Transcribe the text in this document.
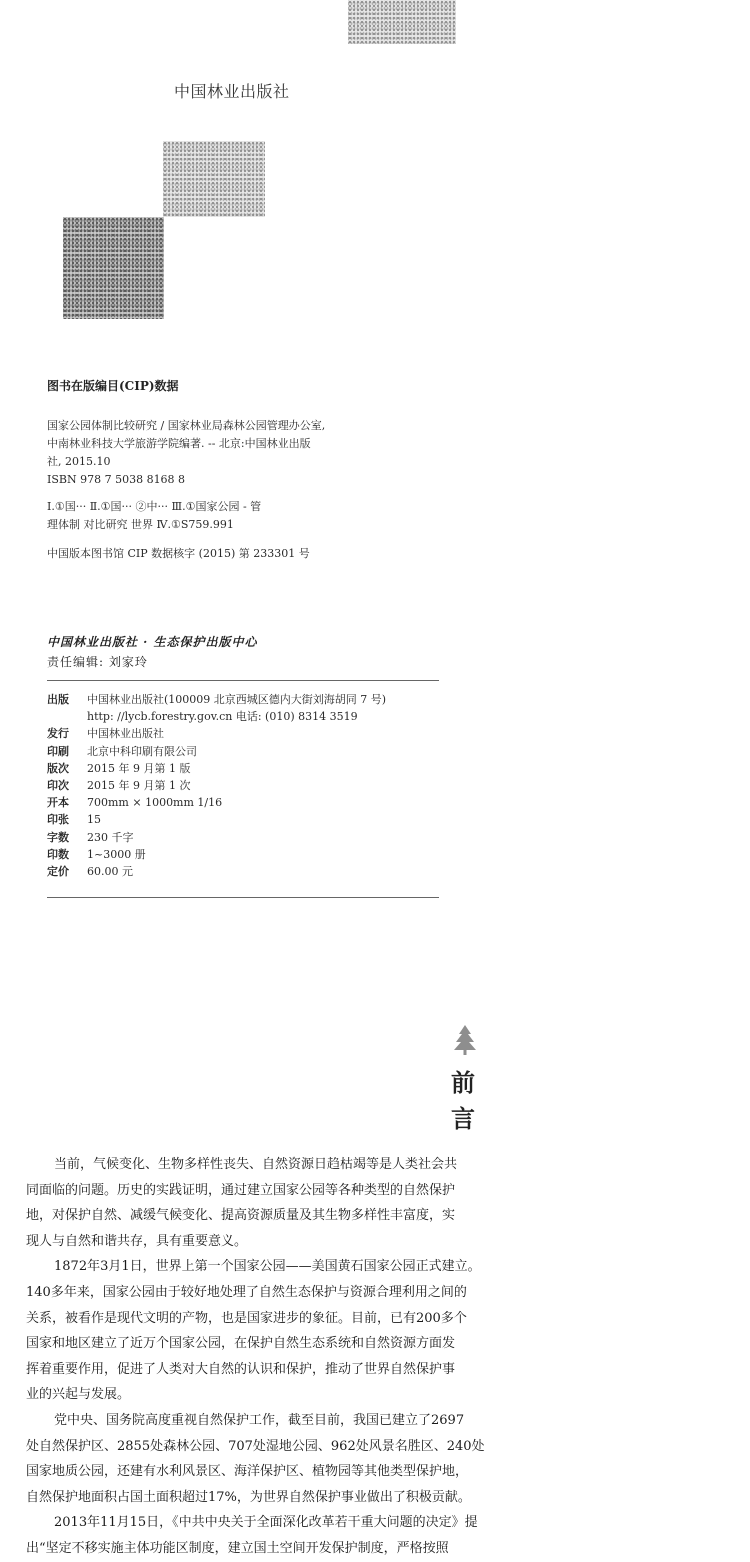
中国林业出版社
图书在版编目(CIP)数据
国家公园体制比较研究 / 国家林业局森林公园管理办公室,
中南林业科技大学旅游学院编著. -- 北京:中国林业出版
社, 2015.10
ISBN 978 7 5038 8168 8
Ⅰ.①国··· Ⅱ.①国··· ②中··· Ⅲ.①国家公园 - 管
理体制 对比研究 世界 Ⅳ.①S759.991
中国版本图书馆 CIP 数据核字 (2015) 第 233301 号
中国林业出版社 · 生态保护出版中心
责任编辑: 刘家玲
出版 中国林业出版社(100009 北京西城区德内大街刘海胡同 7 号)
http: //lycb.forestry.gov.cn 电话: (010) 8314 3519
发行 中国林业出版社
印刷 北京中科印刷有限公司
版次 2015 年 9 月第 1 版
印次 2015 年 9 月第 1 次
开本 700mm × 1000mm 1/16
印张 15
字数 230 千字
印数 1~3000 册
定价 60.00 元
前
言
当前，气候变化、生物多样性丧失、自然资源日趋枯竭等是人类社会共
同面临的问题。历史的实践证明，通过建立国家公园等各种类型的自然保护
地，对保护自然、减缓气候变化、提高资源质量及其生物多样性丰富度，实
现人与自然和谐共存，具有重要意义。
1872年3月1日，世界上第一个国家公园——美国黄石国家公园正式建立。
140多年来，国家公园由于较好地处理了自然生态保护与资源合理利用之间的
关系，被看作是现代文明的产物，也是国家进步的象征。目前，已有200多个
国家和地区建立了近万个国家公园，在保护自然生态系统和自然资源方面发
挥着重要作用，促进了人类对大自然的认识和保护，推动了世界自然保护事
业的兴起与发展。
党中央、国务院高度重视自然保护工作，截至目前，我国已建立了2697
处自然保护区、2855处森林公园、707处湿地公园、962处风景名胜区、240处
国家地质公园，还建有水利风景区、海洋保护区、植物园等其他类型保护地，
自然保护地面积占国土面积超过17%，为世界自然保护事业做出了积极贡献。
2013年11月15日，《中共中央关于全面深化改革若干重大问题的决定》提
出“坚定不移实施主体功能区制度，建立国土空间开发保护制度，严格按照
